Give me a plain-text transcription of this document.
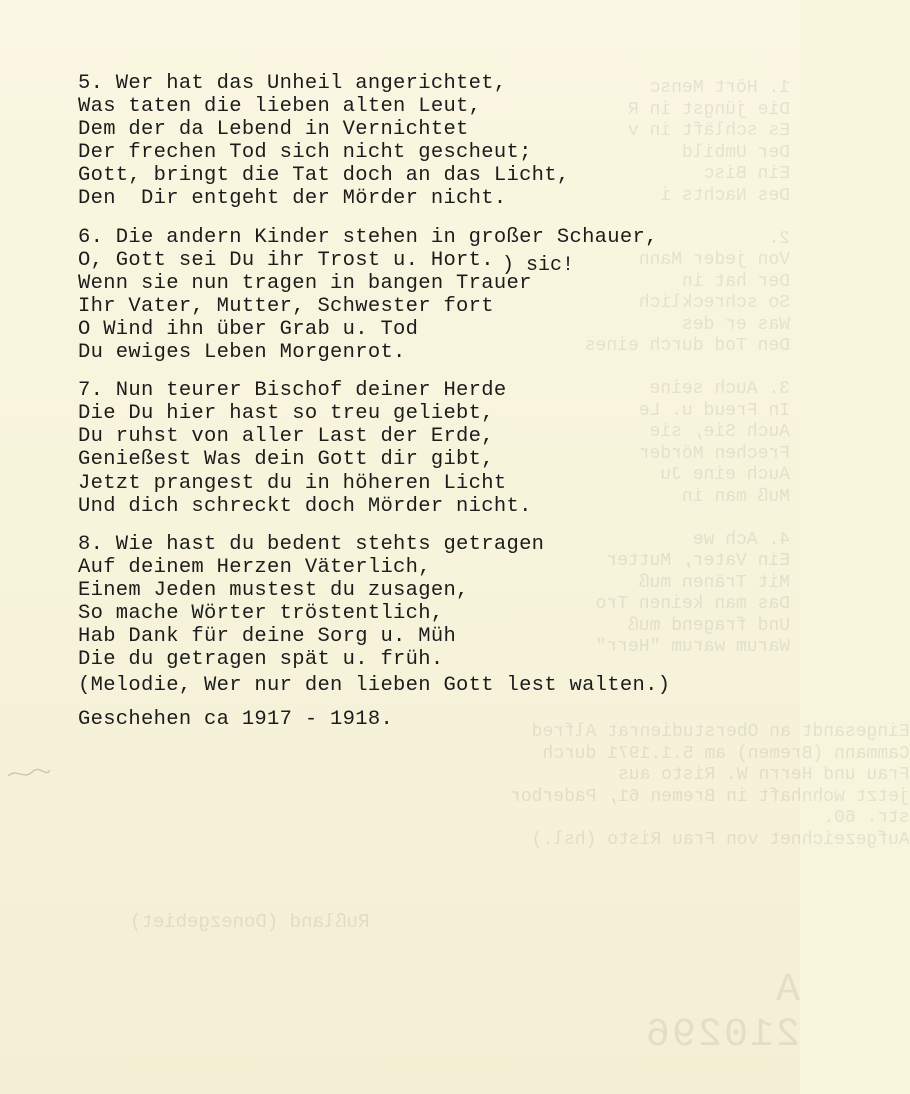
1. Hört Mensc
Die jüngst in R
Es schläft in v
Der Umbild
Ein Bisc
Des Nachts i

2.
Von jeder Mann
Der hat in
So schrecklich
Was er des
Den Tod durch eines

3. Auch seine
In Freud u. Le
Auch Sie, sie
Frechen Mörder
Auch eine Ju
Muß man in

4. Ach we
Ein Vater, Mutter
Mit Tränen muß
Das man keinen Tro
Und fragend muß
Warum warum "Herr"
Eingesandt an Oberstudienrat Alfred
Cammann (Bremen) am 5.1.1971 durch
Frau und Herrn W. Risto aus
jetzt wohnhaft in Bremen 61, Paderbor
str. 60.
Aufgezeichnet von Frau Risto (hsl.)
Rußland (Donezgebiet)
A 210296
5. Wer hat das Unheil angerichtet,
Was taten die lieben alten Leut,
Dem der da Lebend in Vernichtet
Der frechen Tod sich nicht gescheut;
Gott, bringt die Tat doch an das Licht,
Den  Dir entgeht der Mörder nicht.
6. Die andern Kinder stehen in großer Schauer,
O, Gott sei Du ihr Trost u. Hort.
Wenn sie nun tragen in bangen Trauer
Ihr Vater, Mutter, Schwester fort
O Wind ihn über Grab u. Tod
Du ewiges Leben Morgenrot.
7. Nun teurer Bischof deiner Herde
Die Du hier hast so treu geliebt,
Du ruhst von aller Last der Erde,
Genießest Was dein Gott dir gibt,
Jetzt prangest du in höheren Licht
Und dich schreckt doch Mörder nicht.
8. Wie hast du bedent stehts getragen
Auf deinem Herzen Väterlich,
Einem Jeden mustest du zusagen,
So mache Wörter tröstentlich,
Hab Dank für deine Sorg u. Müh
Die du getragen spät u. früh.
) sic!
(Melodie, Wer nur den lieben Gott lest walten.)
Geschehen ca 1917 - 1918.
